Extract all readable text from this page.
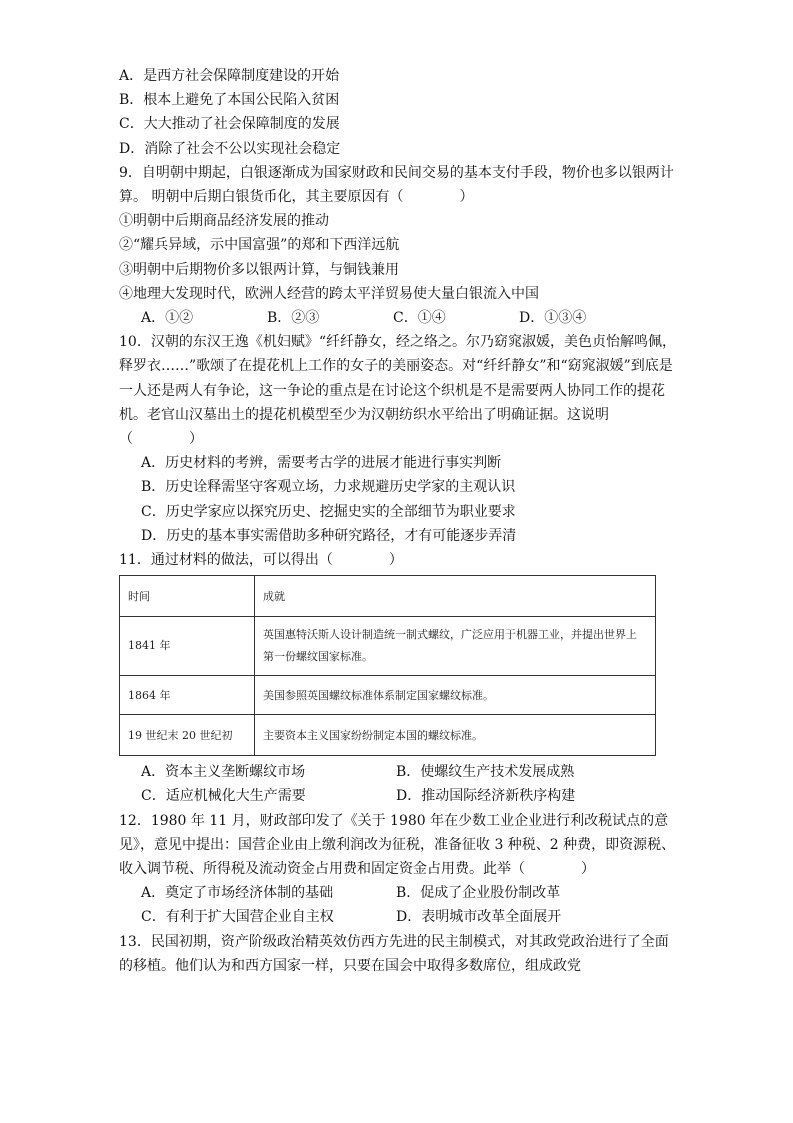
A．是西方社会保障制度建设的开始
B．根本上避免了本国公民陷入贫困
C．大大推动了社会保障制度的发展
D．消除了社会不公以实现社会稳定
9．自明朝中期起，白银逐渐成为国家财政和民间交易的基本支付手段，物价也多以银两计算。 明朝中后期白银货币化，其主要原因有（　　　　）
①明朝中后期商品经济发展的推动
②“耀兵异域，示中国富强”的郑和下西洋远航
③明朝中后期物价多以银两计算，与铜钱兼用
④地理大发现时代，欧洲人经营的跨太平洋贸易使大量白银流入中国
A．①②	B．②③	C．①④	D．①③④
10．汉朝的东汉王逸《机妇赋》“纤纤静女，经之络之。尔乃窈窕淑媛，美色贞怡解鸣佩，释罗衣……”歌颂了在提花机上工作的女子的美丽姿态。对“纤纤静女”和“窈窕淑媛”到底是一人还是两人有争论，这一争论的重点是在讨论这个织机是不是需要两人协同工作的提花机。老官山汉墓出土的提花机模型至少为汉朝纺织水平给出了明确证据。这说明（　　　　）
A．历史材料的考辨，需要考古学的进展才能进行事实判断
B．历史诠释需坚守客观立场，力求规避历史学家的主观认识
C．历史学家应以探究历史、挖掘史实的全部细节为职业要求
D．历史的基本事实需借助多种研究路径，才有可能逐步弄清
11．通过材料的做法，可以得出（　　　　）
时间	成就
1841 年	英国惠特沃斯人设计制造统一制式螺纹，广泛应用于机器工业，并提出世界上第一份螺纹国家标准。
1864 年	美国参照英国螺纹标准体系制定国家螺纹标准。
19 世纪末 20 世纪初	主要资本主义国家纷纷制定本国的螺纹标准。
A．资本主义垄断螺纹市场	B．使螺纹生产技术发展成熟
C．适应机械化大生产需要	D．推动国际经济新秩序构建
12．1980 年 11 月，财政部印发了《关于 1980 年在少数工业企业进行利改税试点的意见》，意见中提出：国营企业由上缴利润改为征税，准备征收 3 种税、2 种费，即资源税、收入调节税、所得税及流动资金占用费和固定资金占用费。此举（　　　　）
A．奠定了市场经济体制的基础	B．促成了企业股份制改革
C．有利于扩大国营企业自主权	D．表明城市改革全面展开
13．民国初期，资产阶级政治精英效仿西方先进的民主制模式，对其政党政治进行了全面的移植。他们认为和西方国家一样，只要在国会中取得多数席位，组成政党
